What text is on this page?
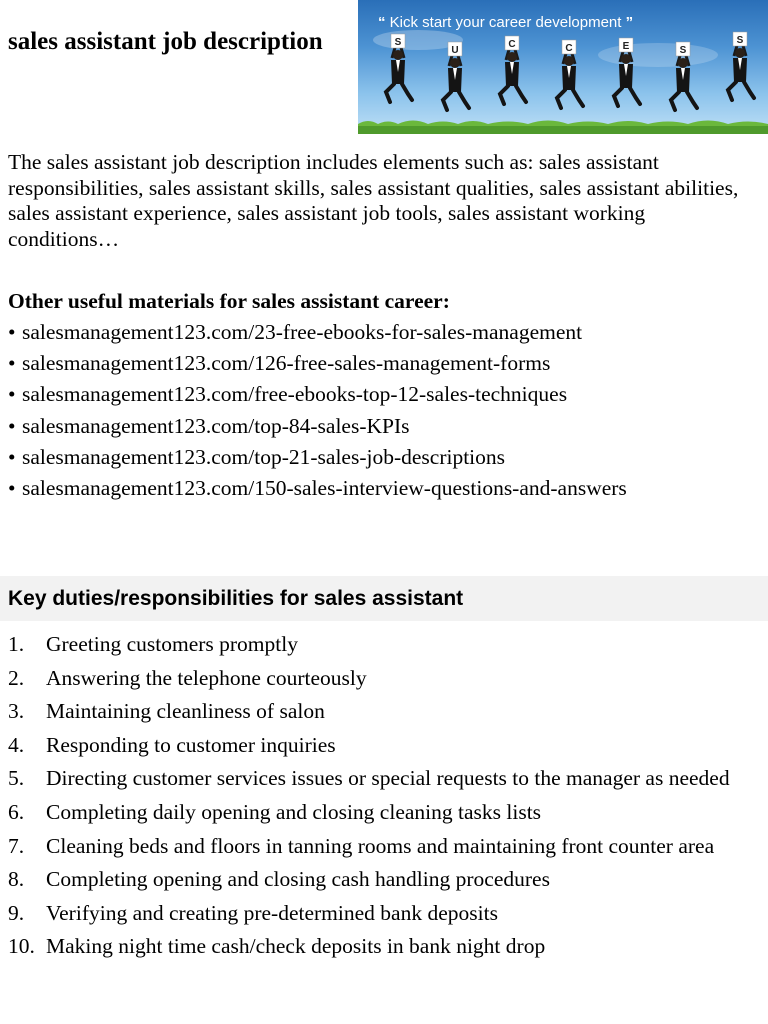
sales assistant job description
“ Kick start your career development ”
S
U
C	C	E	S
S

The sales assistant job description includes elements such as: sales assistant responsibilities, sales assistant skills, sales assistant qualities, sales assistant abilities, sales assistant experience, sales assistant job tools, sales assistant working conditions…

Other useful materials for sales assistant career:
• salesmanagement123.com/23-free-ebooks-for-sales-management
• salesmanagement123.com/126-free-sales-management-forms
• salesmanagement123.com/free-ebooks-top-12-sales-techniques
• salesmanagement123.com/top-84-sales-KPIs
• salesmanagement123.com/top-21-sales-job-descriptions
• salesmanagement123.com/150-sales-interview-questions-and-answers
Key duties/responsibilities for sales assistant
1.	Greeting customers promptly
2.	Answering the telephone courteously
3.	Maintaining cleanliness of salon
4.	Responding to customer inquiries
5.	Directing customer services issues or special requests to the manager as needed
6.	Completing daily opening and closing cleaning tasks lists
7.	Cleaning beds and floors in tanning rooms and maintaining front counter area
8.	Completing opening and closing cash handling procedures
9.	Verifying and creating pre-determined bank deposits
10. Making night time cash/check deposits in bank night drop
